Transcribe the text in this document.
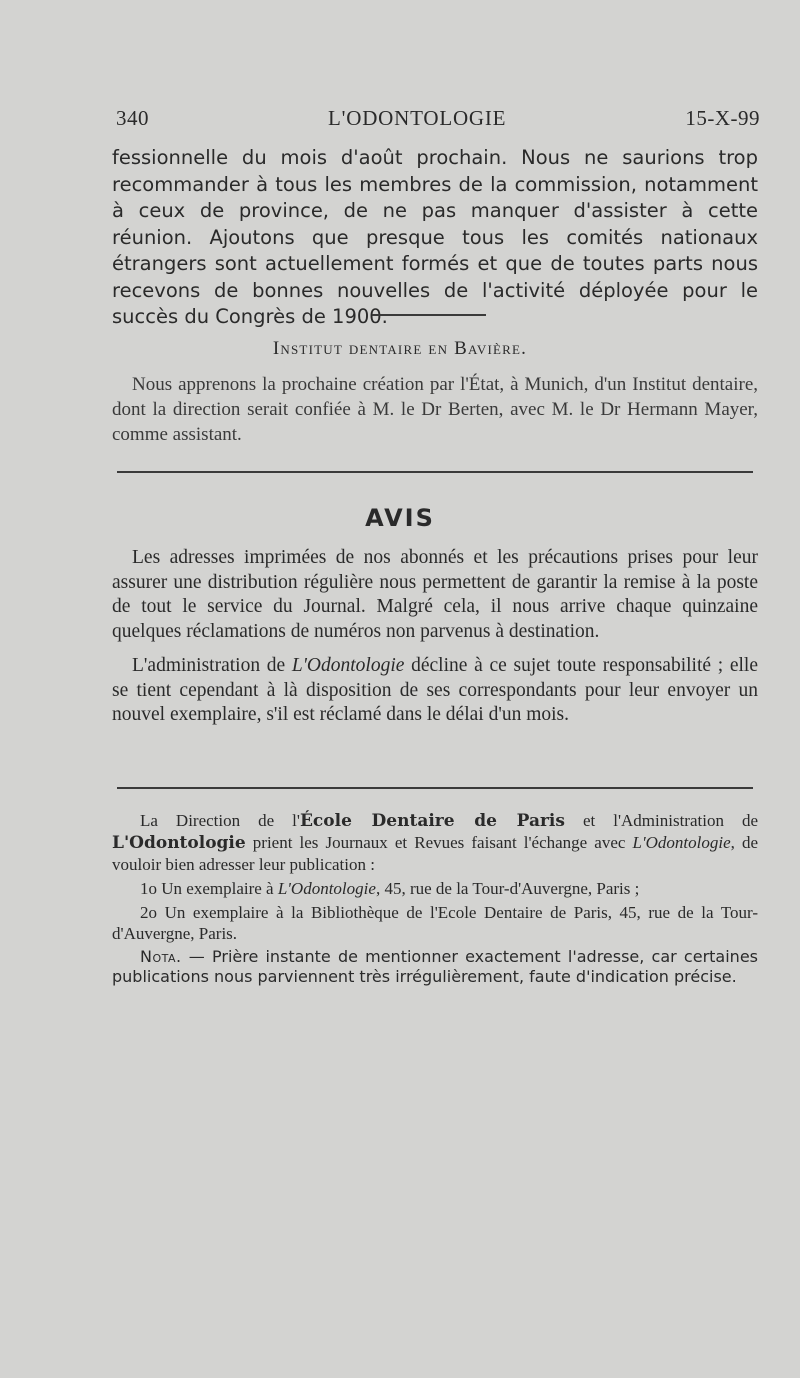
340	L'ODONTOLOGIE	15-X-99

fessionnelle du mois d'août prochain. Nous ne saurions trop recommander à tous les membres de la commission, notamment à ceux de province, de ne pas manquer d'assister à cette réunion. Ajoutons que presque tous les comités nationaux étrangers sont actuellement formés et que de toutes parts nous recevons de bonnes nouvelles de l'activité déployée pour le succès du Congrès de 1900.

Institut dentaire en Bavière.

Nous apprenons la prochaine création par l'État, à Munich, d'un Institut dentaire, dont la direction serait confiée à M. le Dr Berten, avec M. le Dr Hermann Mayer, comme assistant.

AVIS

Les adresses imprimées de nos abonnés et les précautions prises pour leur assurer une distribution régulière nous permettent de garantir la remise à la poste de tout le service du Journal. Malgré cela, il nous arrive chaque quinzaine quelques réclamations de numéros non parvenus à destination.

L'administration de L'Odontologie décline à ce sujet toute responsabilité ; elle se tient cependant à là disposition de ses correspondants pour leur envoyer un nouvel exemplaire, s'il est réclamé dans le délai d'un mois.

La Direction de l'École Dentaire de Paris et l'Administration de L'Odontologie prient les Journaux et Revues faisant l'échange avec L'Odontologie, de vouloir bien adresser leur publication :

1o Un exemplaire à L'Odontologie, 45, rue de la Tour-d'Auvergne, Paris ;

2o Un exemplaire à la Bibliothèque de l'Ecole Dentaire de Paris, 45, rue de la Tour-d'Auvergne, Paris.

Nota. — Prière instante de mentionner exactement l'adresse, car certaines publications nous parviennent très irrégulièrement, faute d'indication précise.
